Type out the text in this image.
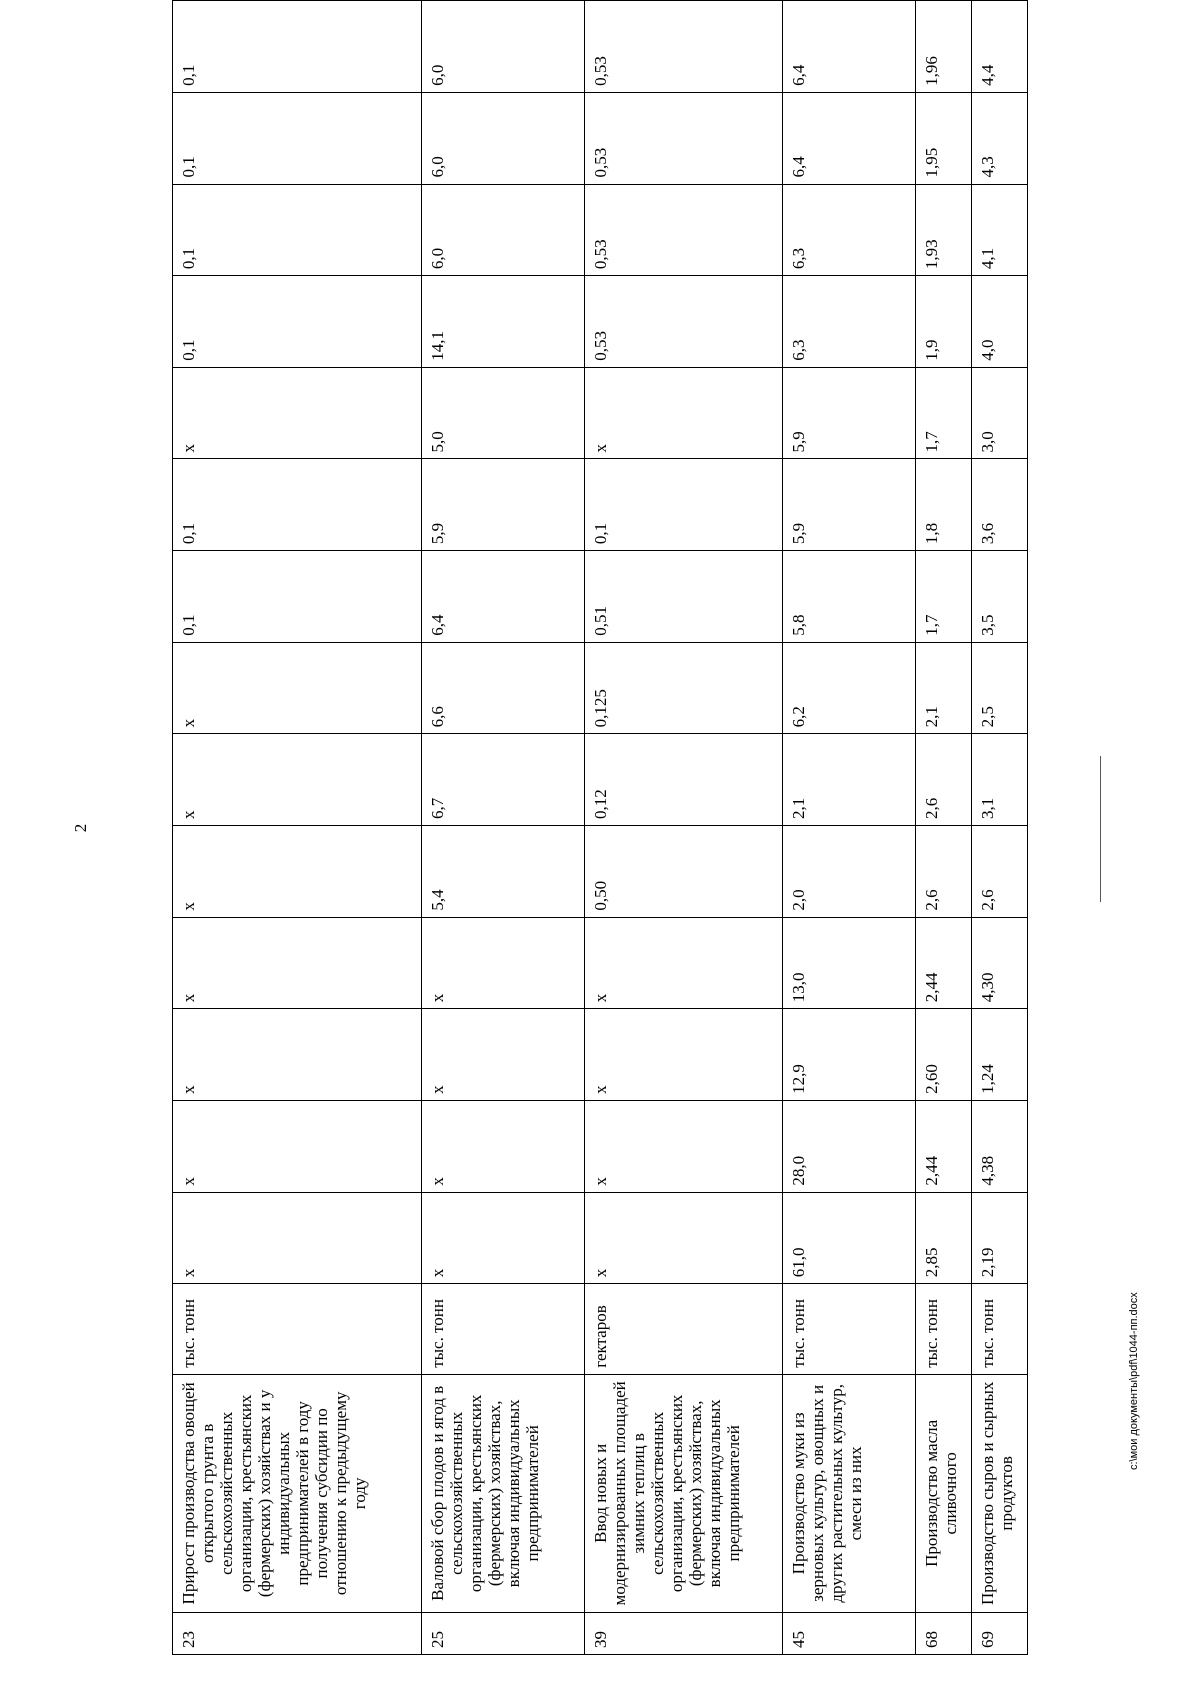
2
23	Прирост производства овощей открытого грунта в сельскохозяйственных организации, крестьянских (фермерских) хозяйствах и у индивидуальных предпринимателей в году получения субсидии по отношению к предыдущему году	тыс. тонн	х	х	х	х	х	х	х	0,1	0,1	х	0,1	0,1	0,1	0,1
25	Валовой сбор плодов и ягод в сельскохозяйственных организации, крестьянских (фермерских) хозяйствах, включая индивидуальных предпринимателей	тыс. тонн	х	х	х	х	5,4	6,7	6,6	6,4	5,9	5,0	14,1	6,0	6,0	6,0
39	Ввод новых и модернизированных площадей зимних теплиц в сельскохозяйственных организации, крестьянских (фермерских) хозяйствах, включая индивидуальных предпринимателей	гектаров	х	х	х	х	0,50	0,12	0,125	0,51	0,1	х	0,53	0,53	0,53	0,53
45	Производство муки из зерновых культур, овощных и других растительных культур, смеси из них	тыс. тонн	61,0	28,0	12,9	13,0	2,0	2,1	6,2	5,8	5,9	5,9	6,3	6,3	6,4	6,4
68	Производство масла сливочного	тыс. тонн	2,85	2,44	2,60	2,44	2,6	2,6	2,1	1,7	1,8	1,7	1,9	1,93	1,95	1,96
69	Производство сыров и сырных продуктов	тыс. тонн	2,19	4,38	1,24	4,30	2,6	3,1	2,5	3,5	3,6	3,0	4,0	4,1	4,3	4,4
c:\мои документы\pdf\1044-пп.docx
